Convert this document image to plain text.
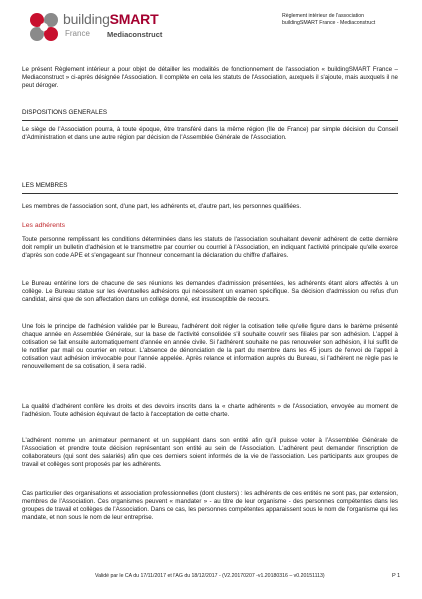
buildingSMART
France Mediaconstruct
Règlement intérieur de l'association
buildingSMART France - Mediaconstruct
Le présent Règlement intérieur a pour objet de détailler les modalités de fonctionnement de l'association « buildingSMART France – Mediaconstruct » ci-après désignée l'Association. Il complète en cela les statuts de l'Association, auxquels il s'ajoute, mais auxquels il ne peut déroger.
DISPOSITIONS GENERALES
Le siège de l'Association pourra, à toute époque, être transféré dans la même région (Ile de France) par simple décision du Conseil d'Administration et dans une autre région par décision de l'Assemblée Générale de l'Association.
LES MEMBRES
Les membres de l'association sont, d'une part, les adhérents et, d'autre part, les personnes qualifiées.
Les adhérents
Toute personne remplissant les conditions déterminées dans les statuts de l'association souhaitant devenir adhérent de cette dernière doit remplir un bulletin d'adhésion et le transmettre par courrier ou courriel à l'Association, en indiquant l'activité principale qu'elle exerce d'après son code APE et s'engageant sur l'honneur concernant la déclaration du chiffre d'affaires.
Le Bureau entérine lors de chacune de ses réunions les demandes d'admission présentées, les adhérents étant alors affectés à un collège. Le Bureau statue sur les éventuelles adhésions qui nécessitent un examen spécifique. Sa décision d'admission ou refus d'un candidat, ainsi que de son affectation dans un collège donné, est insusceptible de recours.
Une fois le principe de l'adhésion validée par le Bureau, l'adhérent doit régler la cotisation telle qu'elle figure dans le barème présenté chaque année en Assemblée Générale, sur la base de l'activité consolidée s'il souhaite couvrir ses filiales par son adhésion. L'appel à cotisation se fait ensuite automatiquement d'année en année civile. Si l'adhérent souhaite ne pas renouveler son adhésion, il lui suffit de le notifier par mail ou courrier en retour. L'absence de dénonciation de la part du membre dans les 45 jours de l'envoi de l'appel à cotisation vaut adhésion irrévocable pour l'année appelée. Après relance et information auprès du Bureau, si l'adhérent ne règle pas le renouvellement de sa cotisation, il sera radié.
La qualité d'adhérent confère les droits et des devoirs inscrits dans la « charte adhérents » de l'Association, envoyée au moment de l'adhésion. Toute adhésion équivaut de facto à l'acceptation de cette charte.
L'adhérent nomme un animateur permanent et un suppléant dans son entité afin qu'il puisse voter à l'Assemblée Générale de l'Association et prendre toute décision représentant son entité au sein de l'Association. L'adhérent peut demander l'inscription de collaborateurs (qui sont des salariés) afin que ces derniers soient informés de la vie de l'association. Les participants aux groupes de travail et collèges sont proposés par les adhérents.
Cas particulier des organisations et association professionnelles (dont clusters) : les adhérents de ces entités ne sont pas, par extension, membres de l'Association. Ces organismes peuvent « mandater » - au titre de leur organisme - des personnes compétentes dans les groupes de travail et collèges de l'Association. Dans ce cas, les personnes compétentes apparaissent sous le nom de l'organisme qui les mandate, et non sous le nom de leur entreprise.
Validé par le CA du 17/11/2017 et l'AG du 18/12/2017 - (V2.20170207 -v1.20180316 – v0.20151113)	P 1
